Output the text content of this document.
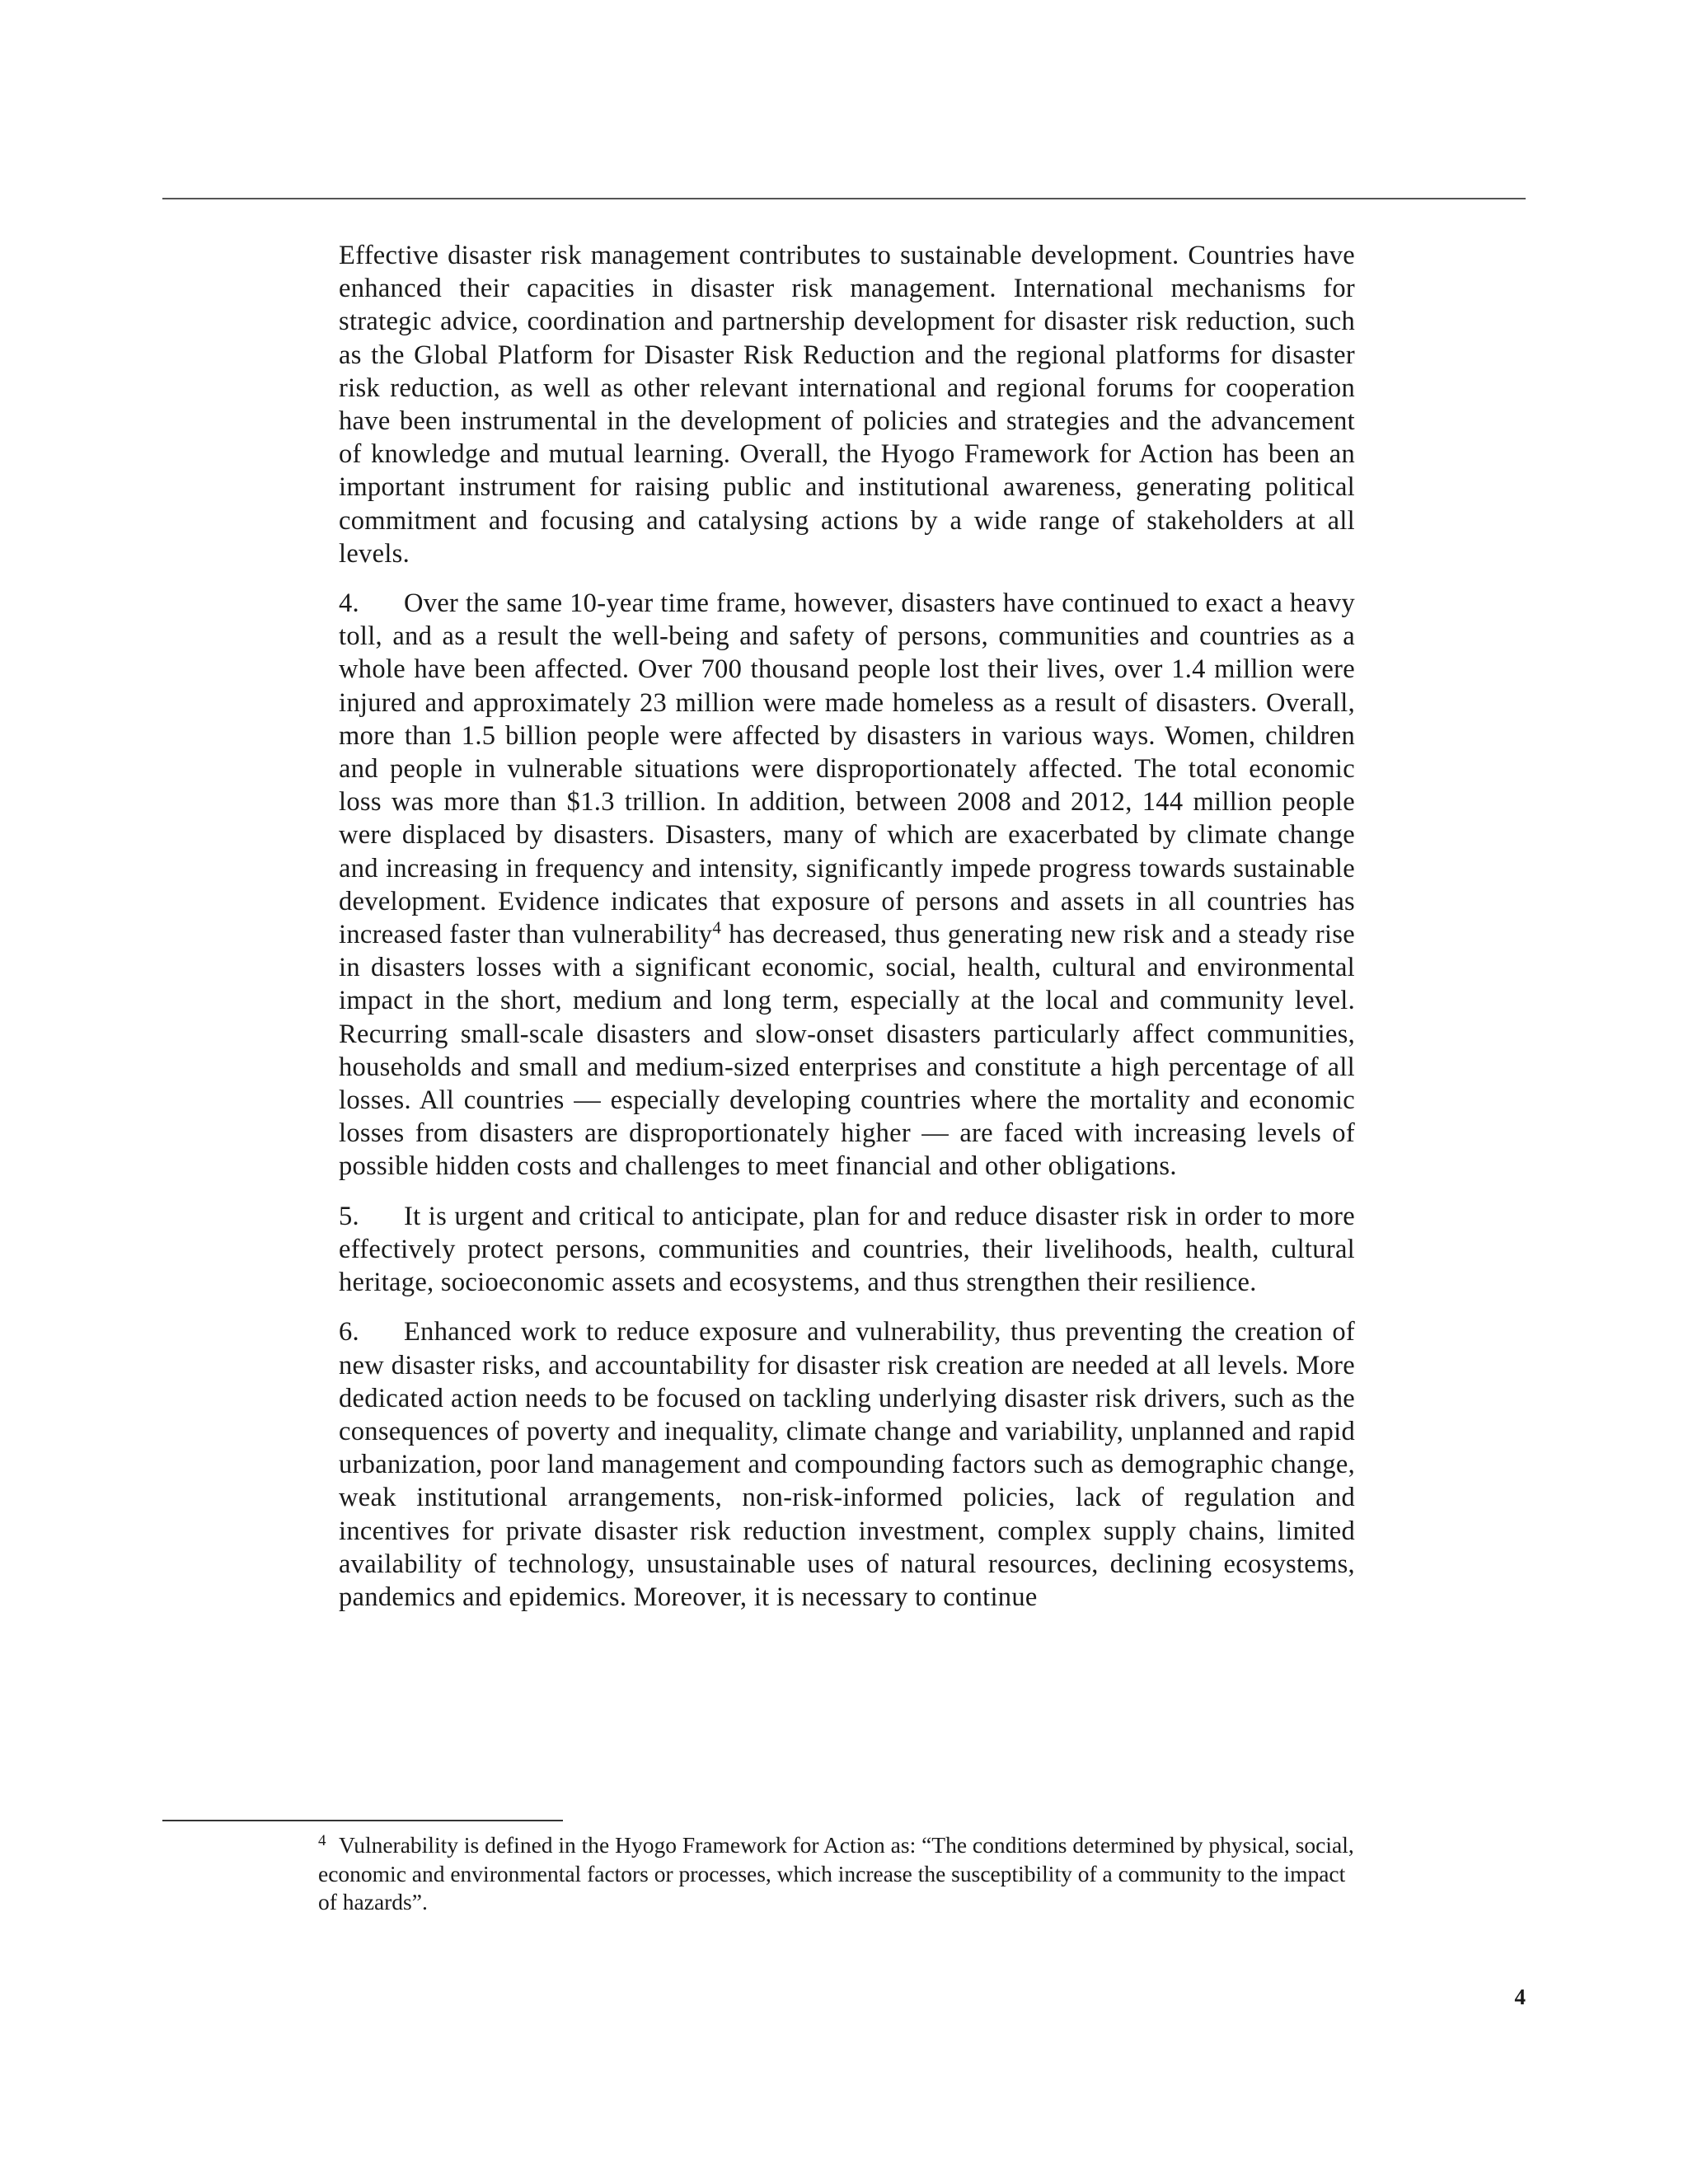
Effective disaster risk management contributes to sustainable development. Countries have enhanced their capacities in disaster risk management. International mechanisms for strategic advice, coordination and partnership development for disaster risk reduction, such as the Global Platform for Disaster Risk Reduction and the regional platforms for disaster risk reduction, as well as other relevant international and regional forums for cooperation have been instrumental in the development of policies and strategies and the advancement of knowledge and mutual learning. Overall, the Hyogo Framework for Action has been an important instrument for raising public and institutional awareness, generating political commitment and focusing and catalysing actions by a wide range of stakeholders at all levels.

4. Over the same 10-year time frame, however, disasters have continued to exact a heavy toll, and as a result the well-being and safety of persons, communities and countries as a whole have been affected. Over 700 thousand people lost their lives, over 1.4 million were injured and approximately 23 million were made homeless as a result of disasters. Overall, more than 1.5 billion people were affected by disasters in various ways. Women, children and people in vulnerable situations were disproportionately affected. The total economic loss was more than $1.3 trillion. In addition, between 2008 and 2012, 144 million people were displaced by disasters. Disasters, many of which are exacerbated by climate change and increasing in frequency and intensity, significantly impede progress towards sustainable development. Evidence indicates that exposure of persons and assets in all countries has increased faster than vulnerability$^4$ has decreased, thus generating new risk and a steady rise in disasters losses with a significant economic, social, health, cultural and environmental impact in the short, medium and long term, especially at the local and community level. Recurring small-scale disasters and slow-onset disasters particularly affect communities, households and small and medium-sized enterprises and constitute a high percentage of all losses. All countries — especially developing countries where the mortality and economic losses from disasters are disproportionately higher — are faced with increasing levels of possible hidden costs and challenges to meet financial and other obligations.

5. It is urgent and critical to anticipate, plan for and reduce disaster risk in order to more effectively protect persons, communities and countries, their livelihoods, health, cultural heritage, socioeconomic assets and ecosystems, and thus strengthen their resilience.

6. Enhanced work to reduce exposure and vulnerability, thus preventing the creation of new disaster risks, and accountability for disaster risk creation are needed at all levels. More dedicated action needs to be focused on tackling underlying disaster risk drivers, such as the consequences of poverty and inequality, climate change and variability, unplanned and rapid urbanization, poor land management and compounding factors such as demographic change, weak institutional arrangements, non-risk-informed policies, lack of regulation and incentives for private disaster risk reduction investment, complex supply chains, limited availability of technology, unsustainable uses of natural resources, declining ecosystems, pandemics and epidemics. Moreover, it is necessary to continue

4 Vulnerability is defined in the Hyogo Framework for Action as: “The conditions determined by physical, social, economic and environmental factors or processes, which increase the susceptibility of a community to the impact of hazards”.
4
